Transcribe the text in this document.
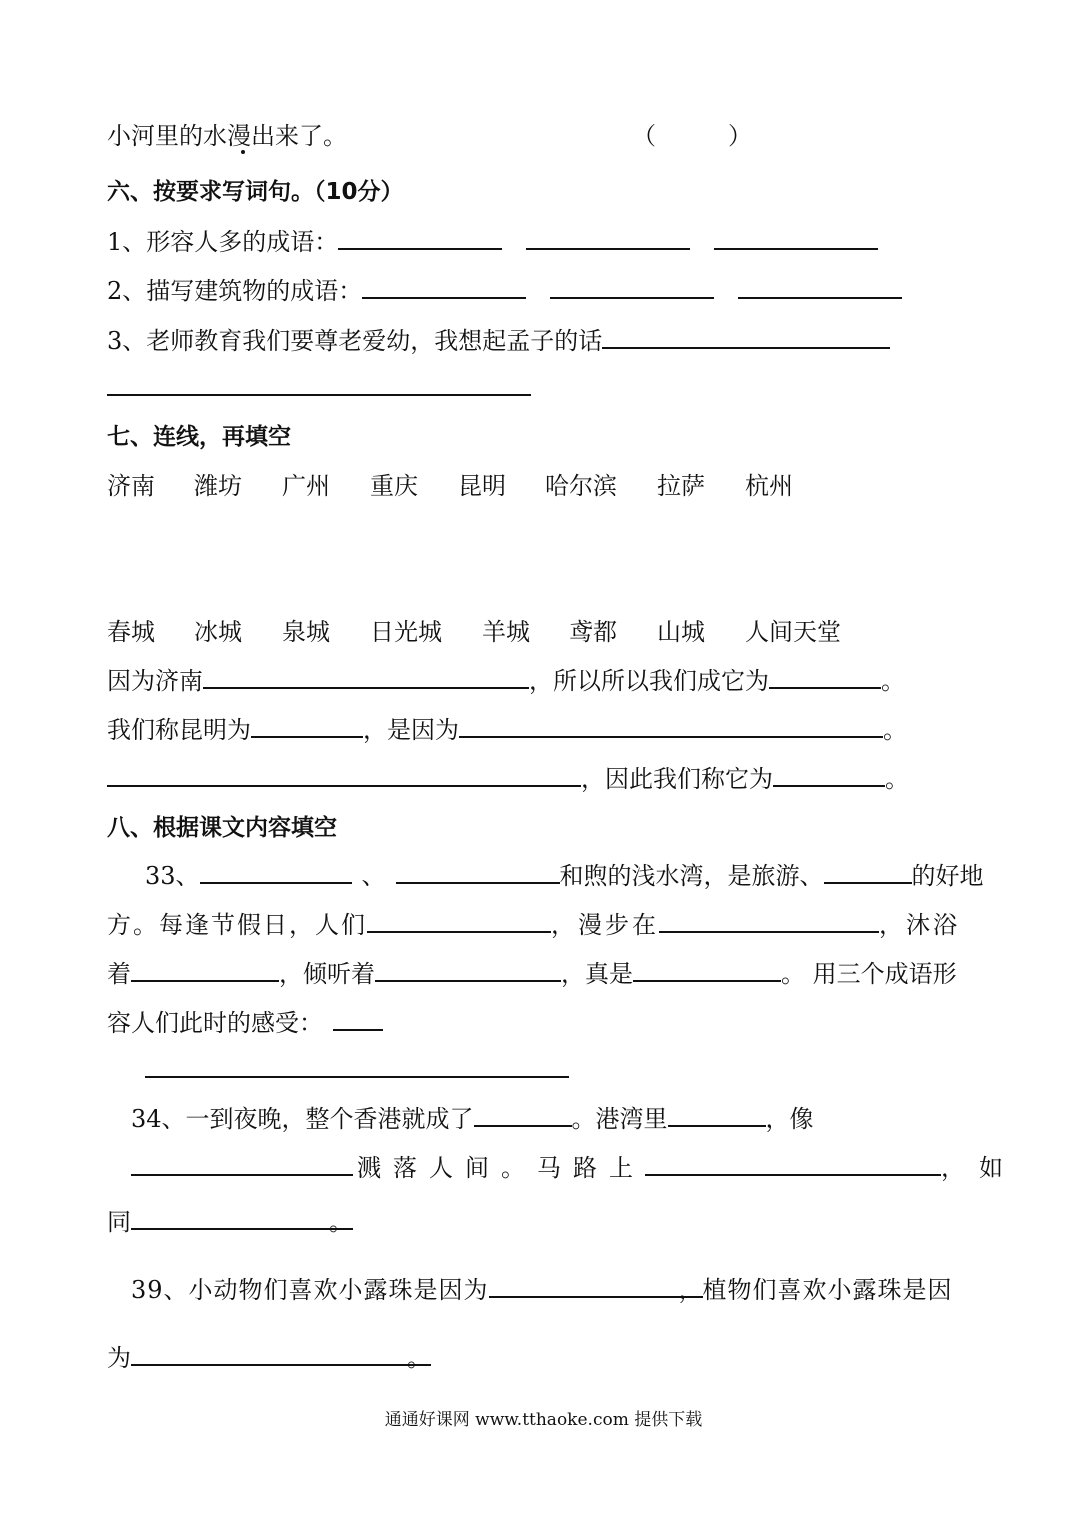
小河里的水漫出来了。	（　　　）
六、按要求写词句。（10分）
1、形容人多的成语：
2、描写建筑物的成语：
3、老师教育我们要尊老爱幼，我想起孟子的话
七、连线，再填空
济南 潍坊 广州 重庆 昆明 哈尔滨 拉萨 杭州
春城 冰城 泉城 日光城 羊城 鸢都 山城 人间天堂
因为济南	，所以所以我们成它为	。
我们称昆明为	，是因为	。
，因此我们称它为	。
八、根据课文内容填空
33、	、	和煦的浅水湾，是旅游、	的好地
方。每逢节假日，人们	，漫步在	，沐浴
着	，倾听着	，真是	。 用三个成语形
容人们此时的感受：
34、一到夜晚，整个香港就成了	。港湾里	，像
溅落人间。马路上	，如
同	。
39、小动物们喜欢小露珠是因为	， 植物们喜欢小露珠是因
为	。
通通好课网 www.tthaoke.com 提供下载
